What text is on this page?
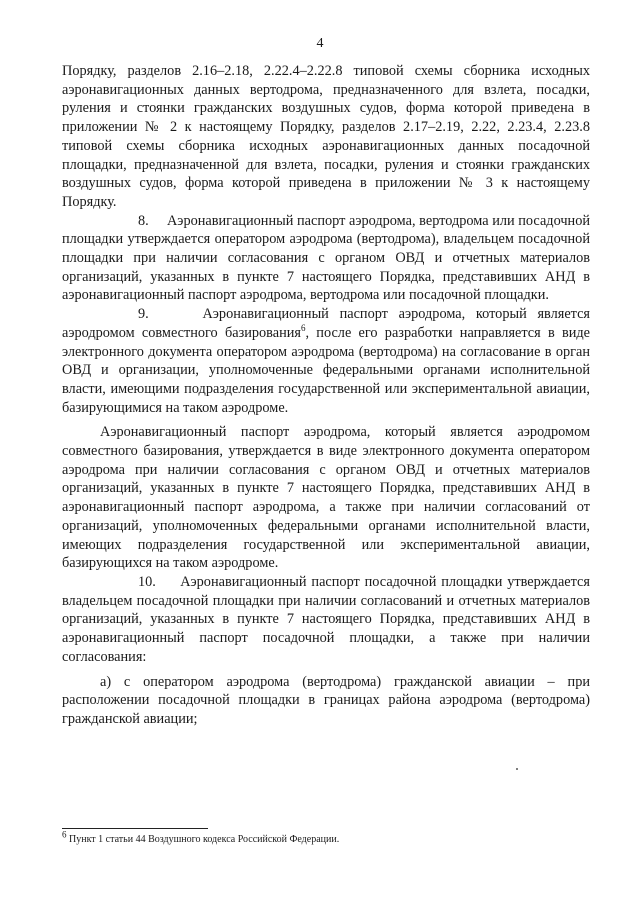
4

Порядку, разделов 2.16–2.18, 2.22.4–2.22.8 типовой схемы сборника исходных аэронавигационных данных вертодрома, предназначенного для взлета, посадки, руления и стоянки гражданских воздушных судов, форма которой приведена в приложении № 2 к настоящему Порядку, разделов 2.17–2.19, 2.22, 2.23.4, 2.23.8 типовой схемы сборника исходных аэронавигационных данных посадочной площадки, предназначенной для взлета, посадки, руления и стоянки гражданских воздушных судов, форма которой приведена в приложении № 3 к настоящему Порядку.

8. Аэронавигационный паспорт аэродрома, вертодрома или посадочной площадки утверждается оператором аэродрома (вертодрома), владельцем посадочной площадки при наличии согласования с органом ОВД и отчетных материалов организаций, указанных в пункте 7 настоящего Порядка, представивших АНД в аэронавигационный паспорт аэродрома, вертодрома или посадочной площадки.

9.	Аэронавигационный паспорт аэродрома, который является аэродромом совместного базирования$^6$, после его разработки направляется в виде электронного документа оператором аэродрома (вертодрома) на согласование в орган ОВД и организации, уполномоченные федеральными органами исполнительной власти, имеющими подразделения государственной или экспериментальной авиации, базирующимися на таком аэродроме.

Аэронавигационный паспорт аэродрома, который является аэродромом совместного базирования, утверждается в виде электронного документа оператором аэродрома при наличии согласования с органом ОВД и отчетных материалов организаций, указанных в пункте 7 настоящего Порядка, представивших АНД в аэронавигационный паспорт аэродрома, а также при наличии согласований от организаций, уполномоченных федеральными органами исполнительной власти, имеющих подразделения государственной или экспериментальной авиации, базирующихся на таком аэродроме.

10. Аэронавигационный паспорт посадочной площадки утверждается владельцем посадочной площадки при наличии согласований и отчетных материалов организаций, указанных в пункте 7 настоящего Порядка, представивших АНД в аэронавигационный паспорт посадочной площадки, а также при наличии согласования:

а) с оператором аэродрома (вертодрома) гражданской авиации – при расположении посадочной площадки в границах района аэродрома (вертодрома) гражданской авиации;

$^6$ Пункт 1 статьи 44 Воздушного кодекса Российской Федерации.
